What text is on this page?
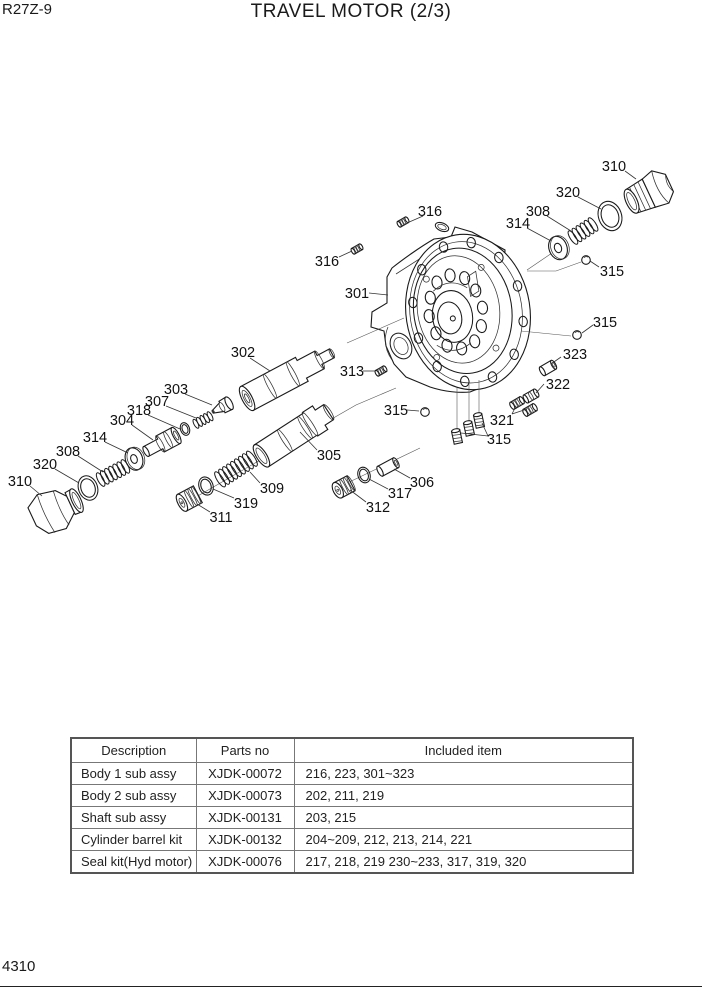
R27Z-9	TRAVEL MOTOR (2/3)
316
316
301
313
315
302
303
307
318
304
314
308
320
310
311
319
309
305
312
317
306
315
321
322
323
315
315
314
308
320
310
Description	Parts no	Included item
Body 1 sub assy	XJDK-00072	216, 223, 301~323
Body 2 sub assy	XJDK-00073	202, 211, 219
Shaft sub assy	XJDK-00131	203, 215
Cylinder barrel kit	XJDK-00132	204~209, 212, 213, 214, 221
Seal kit(Hyd motor)	XJDK-00076	217, 218, 219 230~233, 317, 319, 320
4310
